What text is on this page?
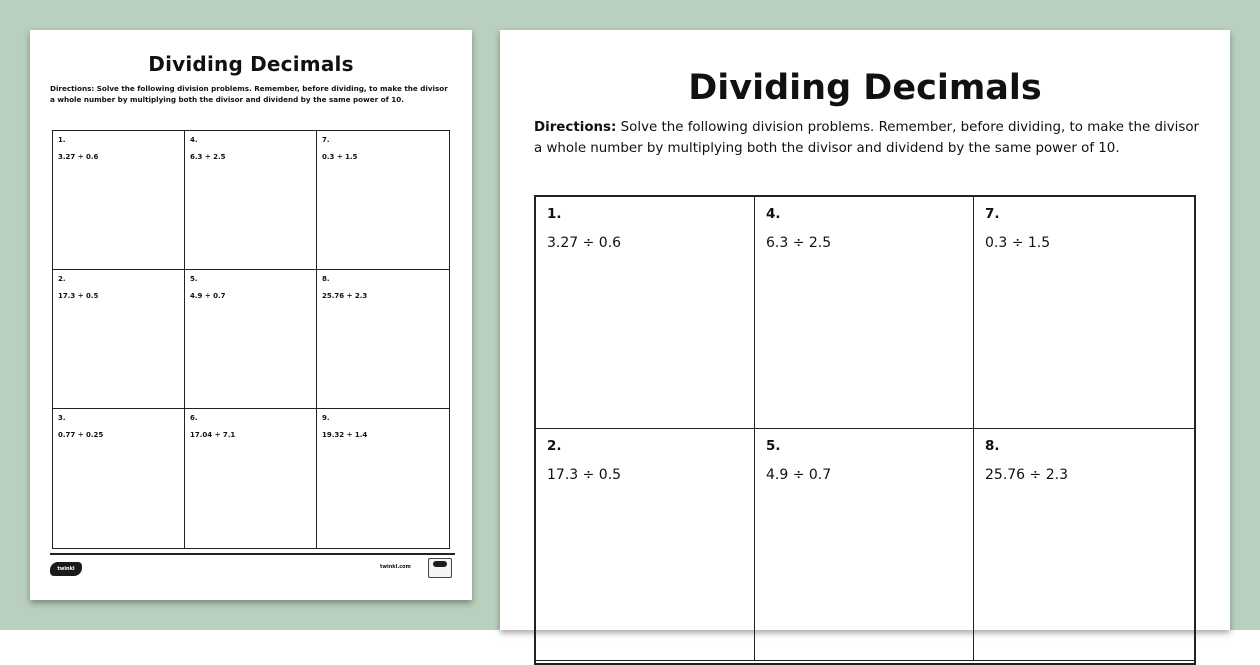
Dividing Decimals
Directions: Solve the following division problems. Remember, before dividing, to make the divisor a whole number by multiplying both the divisor and dividend by the same power of 10.
1.
3.27 ÷ 0.6
4.
6.3 ÷ 2.5
7.
0.3 ÷ 1.5
2.
17.3 ÷ 0.5
5.
4.9 ÷ 0.7
8.
25.76 ÷ 2.3
3.
0.77 ÷ 0.25
6.
17.04 ÷ 7.1
9.
19.32 ÷ 1.4
twinkl	twinkl.com
Dividing Decimals
Directions: Solve the following division problems. Remember, before dividing, to make the divisor a whole number by multiplying both the divisor and dividend by the same power of 10.
1.
3.27 ÷ 0.6
4.
6.3 ÷ 2.5
7.
0.3 ÷ 1.5
2.
17.3 ÷ 0.5
5.
4.9 ÷ 0.7
8.
25.76 ÷ 2.3
